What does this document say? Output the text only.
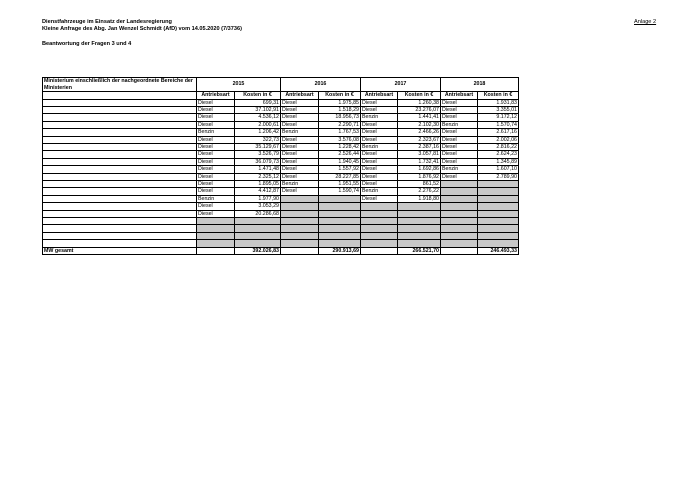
Dienstfahrzeuge im Einsatz der Landesregierung
Kleine Anfrage des Abg. Jan Wenzel Schmidt (AfD) vom 14.05.2020 (7/3736)
Beantwortung der Fragen 3 und 4
Anlage 2
Ministerium einschließlich der nachgeordnete Bereiche der Ministerien	2015		2016		2017		2018	
	Antriebsart	Kosten in €	Antriebsart	Kosten in €	Antriebsart	Kosten in €	Antriebsart	Kosten in €
	Diesel	699,31	Diesel	1.975,85	Diesel	1.260,38	Diesel	1.931,83
	Diesel	37.102,91	Diesel	1.518,29	Diesel	23.276,07	Diesel	3.355,01
	Diesel	4.536,12	Diesel	18.956,73	Benzin	1.441,41	Diesel	9.172,12
	Diesel	2.000,61	Diesel	2.290,71	Diesel	2.102,30	Benzin	1.570,74
	Benzin	1.206,42	Benzin	1.767,53	Diesel	2.466,26	Diesel	2.617,16
	Diesel	322,73	Diesel	3.576,08	Diesel	2.323,67	Diesel	2.002,06
	Diesel	35.129,67	Diesel	1.228,42	Benzin	2.387,16	Diesel	2.816,22
	Diesel	3.526,79	Diesel	2.526,44	Diesel	3.057,81	Diesel	2.624,23
	Diesel	36.079,73	Diesel	1.940,45	Diesel	1.732,41	Diesel	1.345,89
	Diesel	1.471,48	Diesel	1.557,92	Diesel	1.692,86	Benzin	1.607,10
	Diesel	2.325,12	Diesel	28.227,85	Diesel	1.876,92	Diesel	2.789,90
	Diesel	1.895,05	Benzin	1.951,55	Diesel	861,52		
	Diesel	4.412,87	Diesel	1.590,74	Benzin	2.276,22		
	Benzin	1.977,90			Diesel	1.918,80		
	Diesel	3.053,29						
	Diesel	20.286,68						

MW gesamt		392.026,83		290.913,69		266.521,70		246.493,33
